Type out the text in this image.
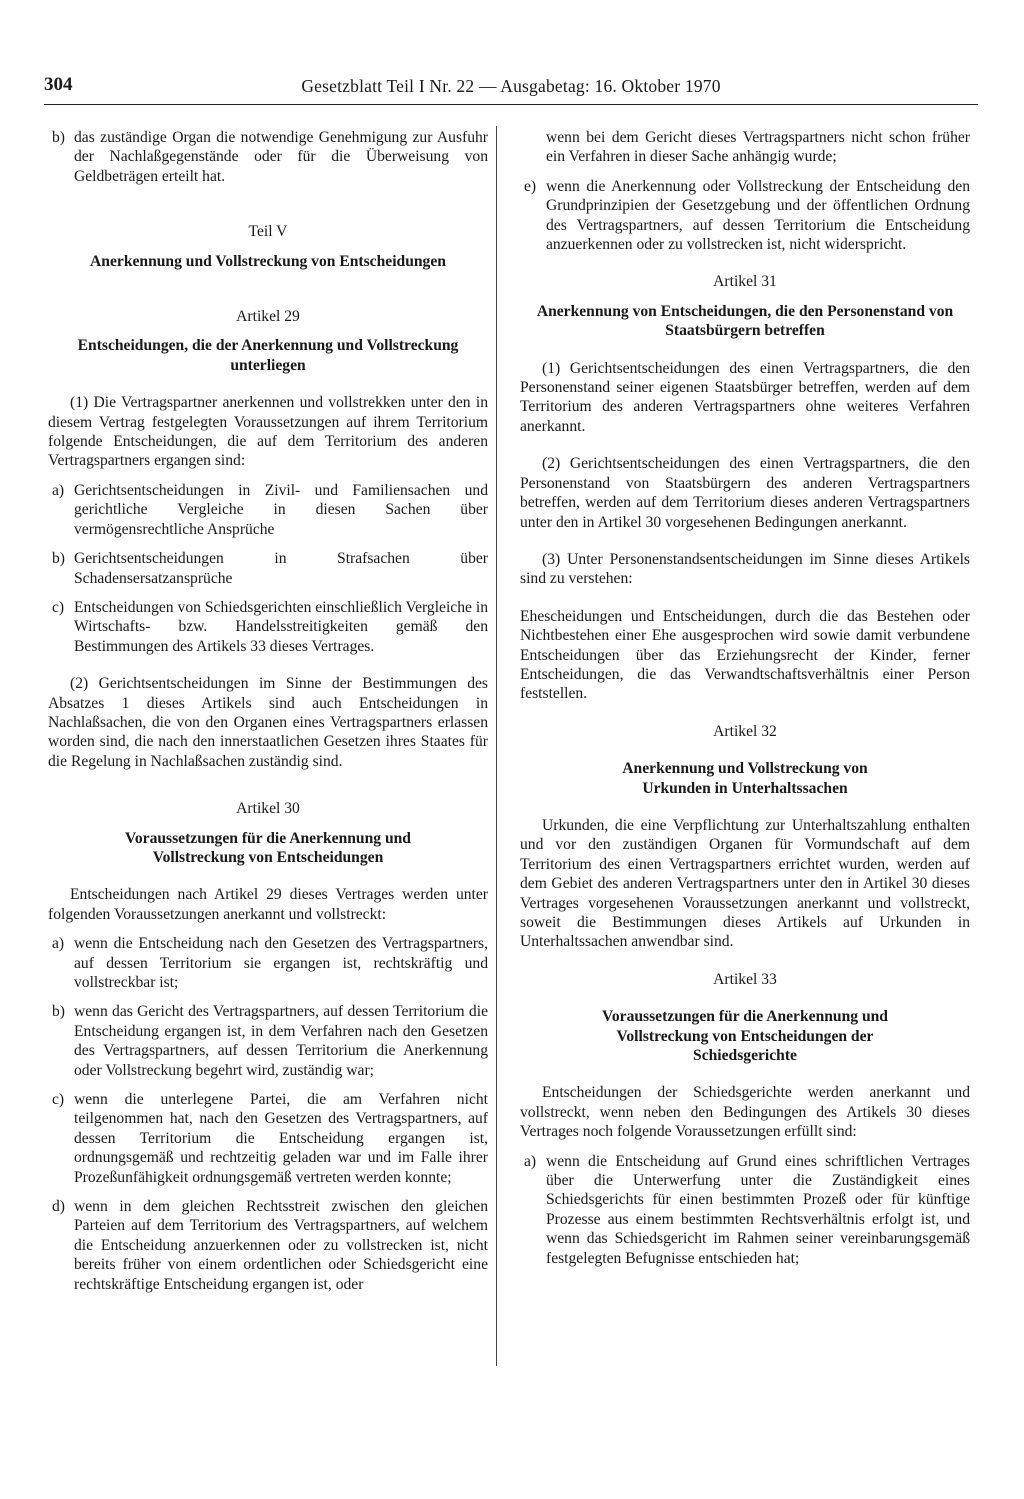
304	Gesetzblatt Teil I Nr. 22 — Ausgabetag: 16. Oktober 1970

b) das zuständige Organ die notwendige Genehmigung zur Ausfuhr der Nachlaßgegenstände oder für die Überweisung von Geldbeträgen erteilt hat.

Teil V

Anerkennung und Vollstreckung von Entscheidungen

Artikel 29

Entscheidungen, die der Anerkennung und Vollstreckung unterliegen

(1) Die Vertragspartner anerkennen und vollstrekken unter den in diesem Vertrag festgelegten Voraussetzungen auf ihrem Territorium folgende Entscheidungen, die auf dem Territorium des anderen Vertragspartners ergangen sind:

a) Gerichtsentscheidungen in Zivil- und Familiensachen und gerichtliche Vergleiche in diesen Sachen über vermögensrechtliche Ansprüche

b) Gerichtsentscheidungen in Strafsachen über Schadensersatzansprüche

c) Entscheidungen von Schiedsgerichten einschließlich Vergleiche in Wirtschafts- bzw. Handelsstreitigkeiten gemäß den Bestimmungen des Artikels 33 dieses Vertrages.

(2) Gerichtsentscheidungen im Sinne der Bestimmungen des Absatzes 1 dieses Artikels sind auch Entscheidungen in Nachlaßsachen, die von den Organen eines Vertragspartners erlassen worden sind, die nach den innerstaatlichen Gesetzen ihres Staates für die Regelung in Nachlaßsachen zuständig sind.

Artikel 30

Voraussetzungen für die Anerkennung und Vollstreckung von Entscheidungen

Entscheidungen nach Artikel 29 dieses Vertrages werden unter folgenden Voraussetzungen anerkannt und vollstreckt:

a) wenn die Entscheidung nach den Gesetzen des Vertragspartners, auf dessen Territorium sie ergangen ist, rechtskräftig und vollstreckbar ist;

b) wenn das Gericht des Vertragspartners, auf dessen Territorium die Entscheidung ergangen ist, in dem Verfahren nach den Gesetzen des Vertragspartners, auf dessen Territorium die Anerkennung oder Vollstreckung begehrt wird, zuständig war;

c) wenn die unterlegene Partei, die am Verfahren nicht teilgenommen hat, nach den Gesetzen des Vertragspartners, auf dessen Territorium die Entscheidung ergangen ist, ordnungsgemäß und rechtzeitig geladen war und im Falle ihrer Prozeßunfähigkeit ordnungsgemäß vertreten werden konnte;

d) wenn in dem gleichen Rechtsstreit zwischen den gleichen Parteien auf dem Territorium des Vertragspartners, auf welchem die Entscheidung anzuerkennen oder zu vollstrecken ist, nicht bereits früher von einem ordentlichen oder Schiedsgericht eine rechtskräftige Entscheidung ergangen ist, oder

wenn bei dem Gericht dieses Vertragspartners nicht schon früher ein Verfahren in dieser Sache anhängig wurde;

e) wenn die Anerkennung oder Vollstreckung der Entscheidung den Grundprinzipien der Gesetzgebung und der öffentlichen Ordnung des Vertragspartners, auf dessen Territorium die Entscheidung anzuerkennen oder zu vollstrecken ist, nicht widerspricht.

Artikel 31

Anerkennung von Entscheidungen, die den Personenstand von Staatsbürgern betreffen

(1) Gerichtsentscheidungen des einen Vertragspartners, die den Personenstand seiner eigenen Staatsbürger betreffen, werden auf dem Territorium des anderen Vertragspartners ohne weiteres Verfahren anerkannt.

(2) Gerichtsentscheidungen des einen Vertragspartners, die den Personenstand von Staatsbürgern des anderen Vertragspartners betreffen, werden auf dem Territorium dieses anderen Vertragspartners unter den in Artikel 30 vorgesehenen Bedingungen anerkannt.

(3) Unter Personenstandsentscheidungen im Sinne dieses Artikels sind zu verstehen:

Ehescheidungen und Entscheidungen, durch die das Bestehen oder Nichtbestehen einer Ehe ausgesprochen wird sowie damit verbundene Entscheidungen über das Erziehungsrecht der Kinder, ferner Entscheidungen, die das Verwandtschaftsverhältnis einer Person feststellen.

Artikel 32

Anerkennung und Vollstreckung von Urkunden in Unterhaltssachen

Urkunden, die eine Verpflichtung zur Unterhaltszahlung enthalten und vor den zuständigen Organen für Vormundschaft auf dem Territorium des einen Vertragspartners errichtet wurden, werden auf dem Gebiet des anderen Vertragspartners unter den in Artikel 30 dieses Vertrages vorgesehenen Voraussetzungen anerkannt und vollstreckt, soweit die Bestimmungen dieses Artikels auf Urkunden in Unterhaltssachen anwendbar sind.

Artikel 33

Voraussetzungen für die Anerkennung und Vollstreckung von Entscheidungen der Schiedsgerichte

Entscheidungen der Schiedsgerichte werden anerkannt und vollstreckt, wenn neben den Bedingungen des Artikels 30 dieses Vertrages noch folgende Voraussetzungen erfüllt sind:

a) wenn die Entscheidung auf Grund eines schriftlichen Vertrages über die Unterwerfung unter die Zuständigkeit eines Schiedsgerichts für einen bestimmten Prozeß oder für künftige Prozesse aus einem bestimmten Rechtsverhältnis erfolgt ist, und wenn das Schiedsgericht im Rahmen seiner vereinbarungsgemäß festgelegten Befugnisse entschieden hat;
